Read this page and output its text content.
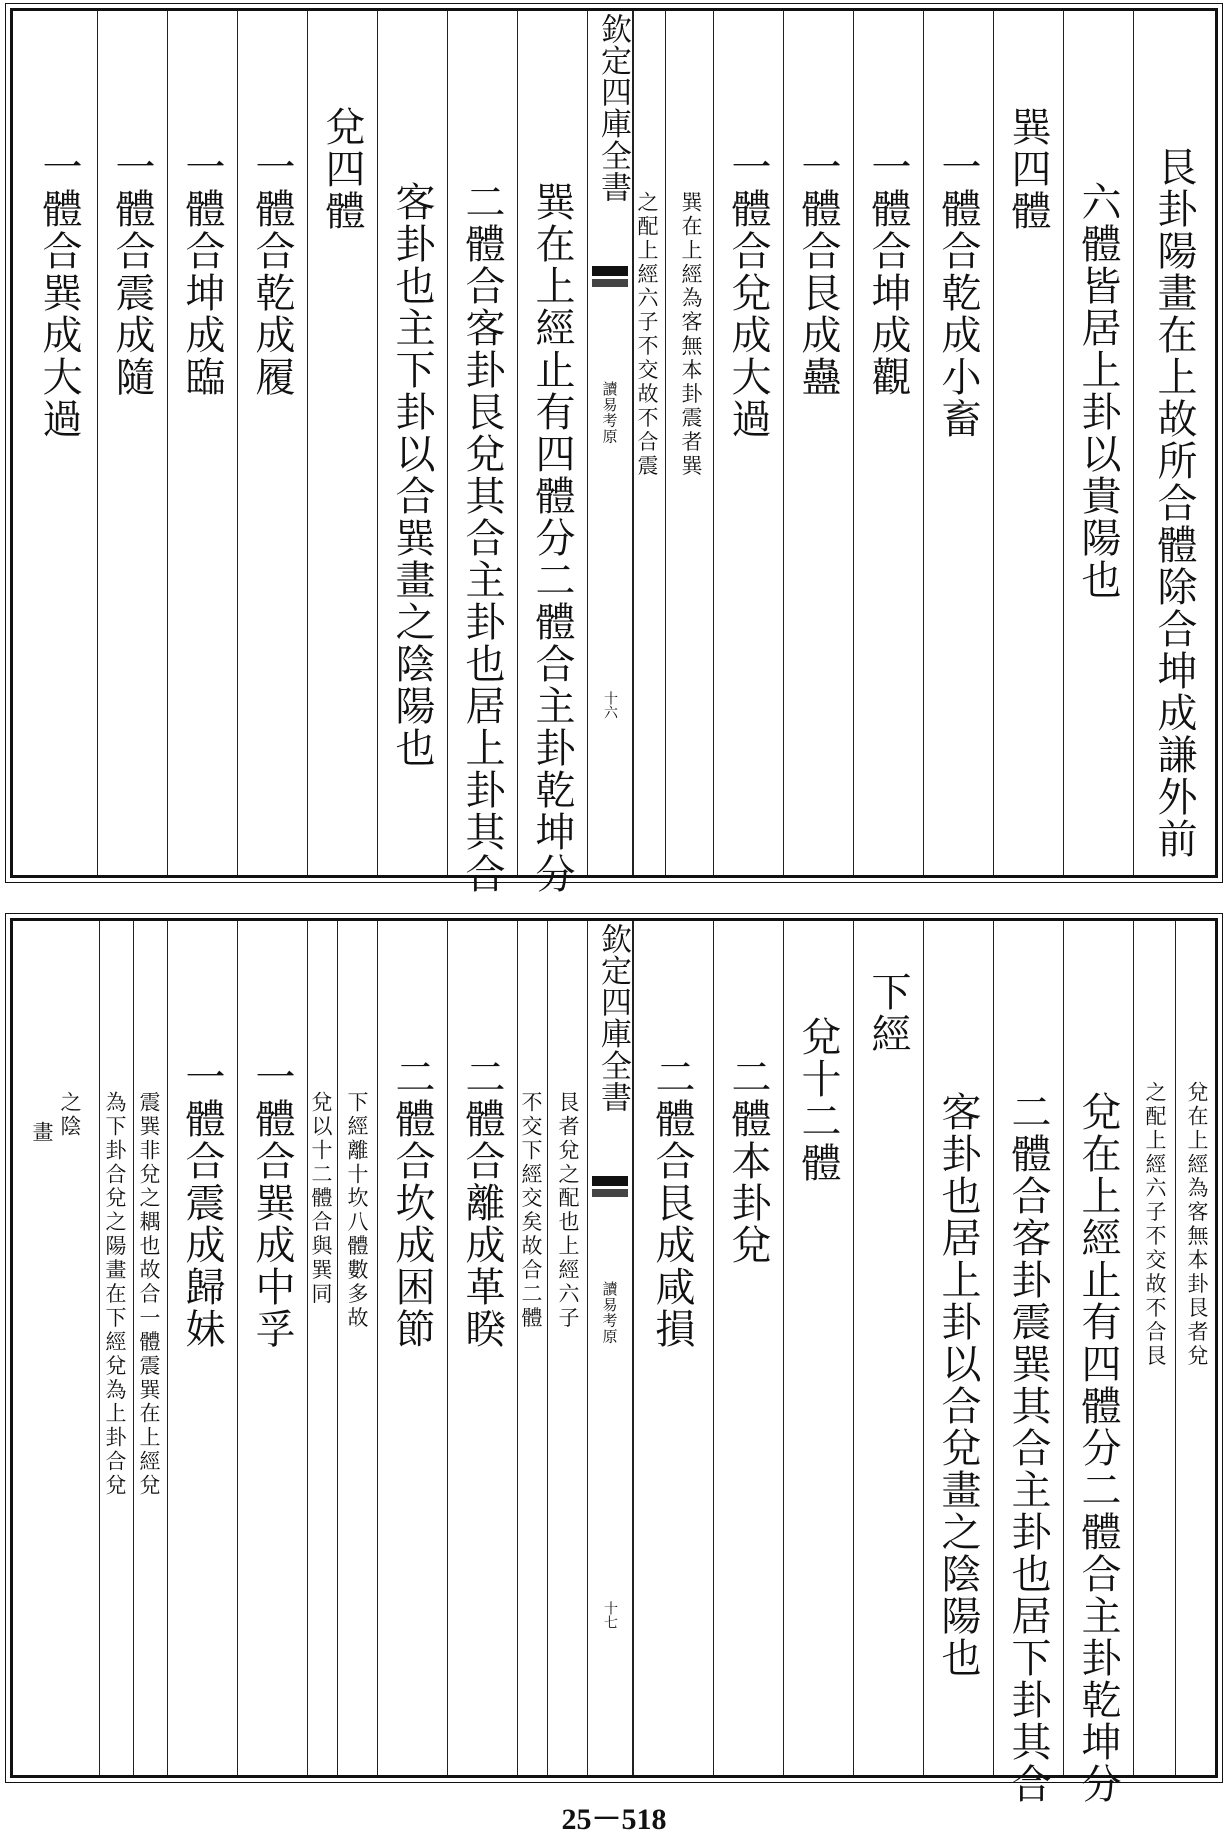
艮卦陽畫在上故所合體除合坤成謙外前
六體皆居上卦以貴陽也
巽四體
一體合乾成小畜
一體合坤成觀
一體合艮成蠱
一體合兌成大過
巽在上經為客無本卦震者巽
之配上經六子不交故不合震
欽定四庫全書
讀易考原
十六
巽在上經止有四體分二體合主卦乾坤分
二體合客卦艮兌其合主卦也居上卦其合
客卦也主下卦以合巽畫之陰陽也
兌四體
一體合乾成履
一體合坤成臨
一體合震成隨
一體合巽成大過
兌在上經為客無本卦艮者兌
之配上經六子不交故不合艮
兌在上經止有四體分二體合主卦乾坤分
二體合客卦震巽其合主卦也居下卦其合
客卦也居上卦以合兌畫之陰陽也
下經
兌十二體
二體本卦兌
二體合艮成咸損
欽定四庫全書
讀易考原
十七
艮者兌之配也上經六子
不交下經交矣故合二體
二體合離成革睽
二體合坎成困節
下經離十坎八體數多故
兌以十二體合與巽同
一體合巽成中孚
一體合震成歸妹
震巽非兌之耦也故合一體震巽在上經兌
為下卦合兌之陽畫在下經兌為上卦合兌
之陰
畫
25－518
